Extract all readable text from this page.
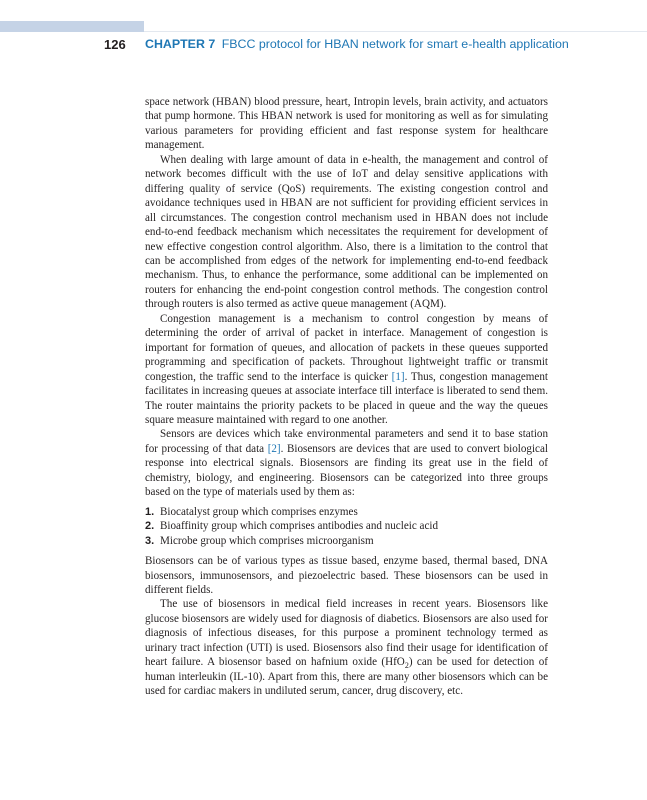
126 CHAPTER 7 FBCC protocol for HBAN network for smart e-health application

space network (HBAN) blood pressure, heart, Intropin levels, brain activity, and actuators that pump hormone. This HBAN network is used for monitoring as well as for simulating various parameters for providing efficient and fast response system for healthcare management.

When dealing with large amount of data in e-health, the management and control of network becomes difficult with the use of IoT and delay sensitive applications with differing quality of service (QoS) requirements. The existing congestion control and avoidance techniques used in HBAN are not sufficient for providing efficient services in all circumstances. The congestion control mechanism used in HBAN does not include end-to-end feedback mechanism which necessitates the requirement for development of new effective congestion control algorithm. Also, there is a limitation to the control that can be accomplished from edges of the network for implementing end-to-end feedback mechanism. Thus, to enhance the performance, some additional can be implemented on routers for enhancing the end-point congestion control methods. The congestion control through routers is also termed as active queue management (AQM).

Congestion management is a mechanism to control congestion by means of determining the order of arrival of packet in interface. Management of congestion is important for formation of queues, and allocation of packets in these queues supported programming and specification of packets. Throughout lightweight traffic or transmit congestion, the traffic send to the interface is quicker [1]. Thus, congestion management facilitates in increasing queues at associate interface till interface is liberated to send them. The router maintains the priority packets to be placed in queue and the way the queues square measure maintained with regard to one another.

Sensors are devices which take environmental parameters and send it to base station for processing of that data [2]. Biosensors are devices that are used to convert biological response into electrical signals. Biosensors are finding its great use in the field of chemistry, biology, and engineering. Biosensors can be categorized into three groups based on the type of materials used by them as:

1. Biocatalyst group which comprises enzymes
2. Bioaffinity group which comprises antibodies and nucleic acid
3. Microbe group which comprises microorganism

Biosensors can be of various types as tissue based, enzyme based, thermal based, DNA biosensors, immunosensors, and piezoelectric based. These biosensors can be used in different fields.

The use of biosensors in medical field increases in recent years. Biosensors like glucose biosensors are widely used for diagnosis of diabetics. Biosensors are also used for diagnosis of infectious diseases, for this purpose a prominent technology termed as urinary tract infection (UTI) is used. Biosensors also find their usage for identification of heart failure. A biosensor based on hafnium oxide (HfO$_2$) can be used for detection of human interleukin (IL-10). Apart from this, there are many other biosensors which can be used for cardiac makers in undiluted serum, cancer, drug discovery, etc.
